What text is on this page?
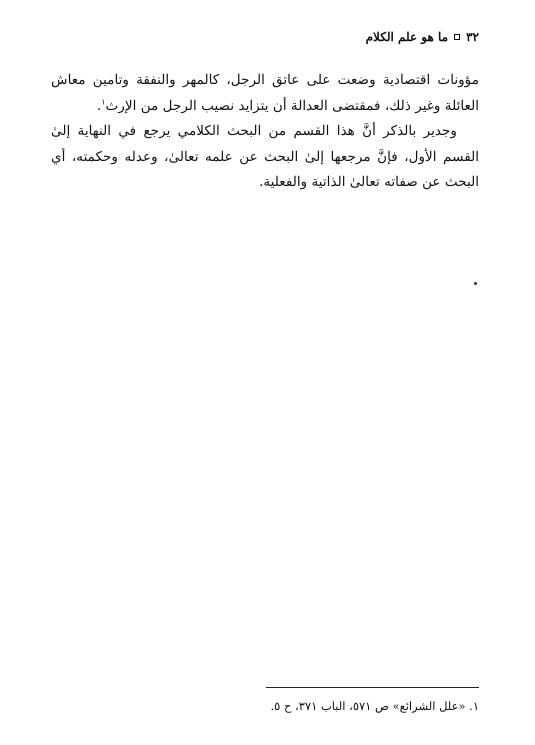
٣٢
ما هو علم الكلام

مؤونات اقتصادية وضعت على عاتق الرجل، كالمهر والنفقة وتامين معاش العائلة وغير ذلك، فمقتضى العدالة أن يتزايد نصيب الرجل من الإرث$^١$.

وجدير بالذكر أنَّ هذا القسم من البحث الكلامي يرجع في النهاية إلىٰ القسم الأول، فإنَّ مرجعها إلىٰ البحث عن علمه تعالىٰ، وعدله وحكمته، أي البحث عن صفاته تعالىٰ الذاتية والفعلية.

١. «علل الشرائع» ص ٥٧١، الباب ٣٧١، ح ٥.
